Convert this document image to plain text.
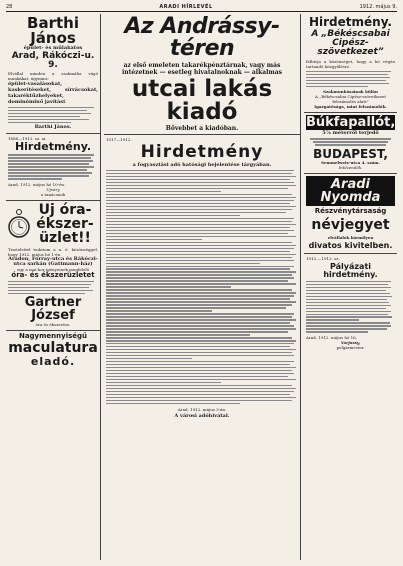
28	ARADI HÍRLEVÉL	1912. május 9.
Barthi János
épület- és műlakatos
Arad, Rákóczi-u. 9.
Elvállal minden a szakmába vágó munkákat, úgymint:
épület-vasalásokat, kaskerítéseket, sírrácsokat, takaréktűzhelyeket, dominóminő javítást
Barthi János.
1888—1912. sz. ai.
Hirdetmény.
Arad, 1912. május hó 10-én.
Ujváry
a tanácsnok
Uj óra-ékszer-üzlet!!
Tisztelettel tudatom a n. é. közönséggel, hogy 1912. május hó 1-én
Aradon, Forray-utca és Rákóczi-utca sarkán (Gattmann-ház)
egy a mai kor igényeinek megfelelő
óra- és ékszerüzletet
Gartner József
óra és ékszerész.
Nagymennyiségű
maculatura
eladó.
Az Andrássy-téren
az első emeleten takarékpénztárnak, vagy más intézetnek — esetleg hivatalnoknak — alkalmas
utcai lakás kiadó
Bővebbet a kiadóban.
1917—1912.
Hirdetmény
a fogyasztási adó hatósági bejelentése tárgyában.
Arad, 1912. május 3-án.
A városi adóhivatal.
Hirdetmény.
A „Békéscsabai Cipész-szövetkezet”
felhívja a közönséget, hogy a hó végén tartandó közgyűlésre.
Szakmunkásainak külön
A „Békéscsabai Cipész-szövetkezet felszámolás alatt”
Igazgatósága, mint felszámolók.
Búkfapallót,
5⅞ méterről terjedő
BUDAPEST,
Semmelweis-utca 4. szám.
Intézendők.
Aradi Nyomda
Részvénytársaság
névjegyet
elvállalok bármilyen
divatos kivitelben.
1912.—1912. sz.
Pályázati hirdetmény.
Arad, 1912. május hó 16.
Varjassy,
polgármester.
